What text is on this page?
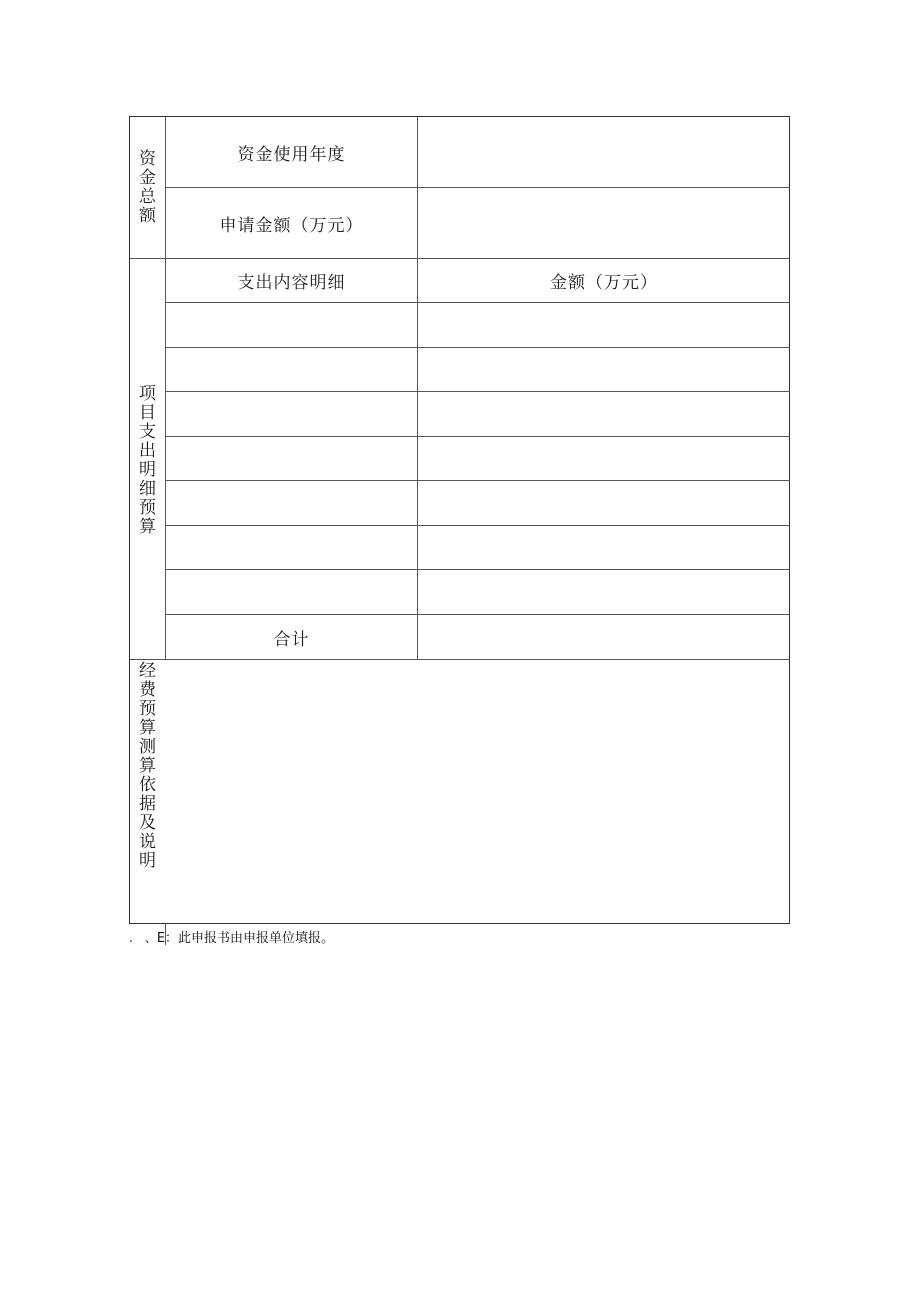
资
金
总
额
项
目
支
出
明
细
预
算
经
费
预
算
测
算
依
据
及
说
明
资金使用年度
申请金额（万元）
支出内容明细	金额（万元）
合计
.　、E：此申报书由申报单位填报。
